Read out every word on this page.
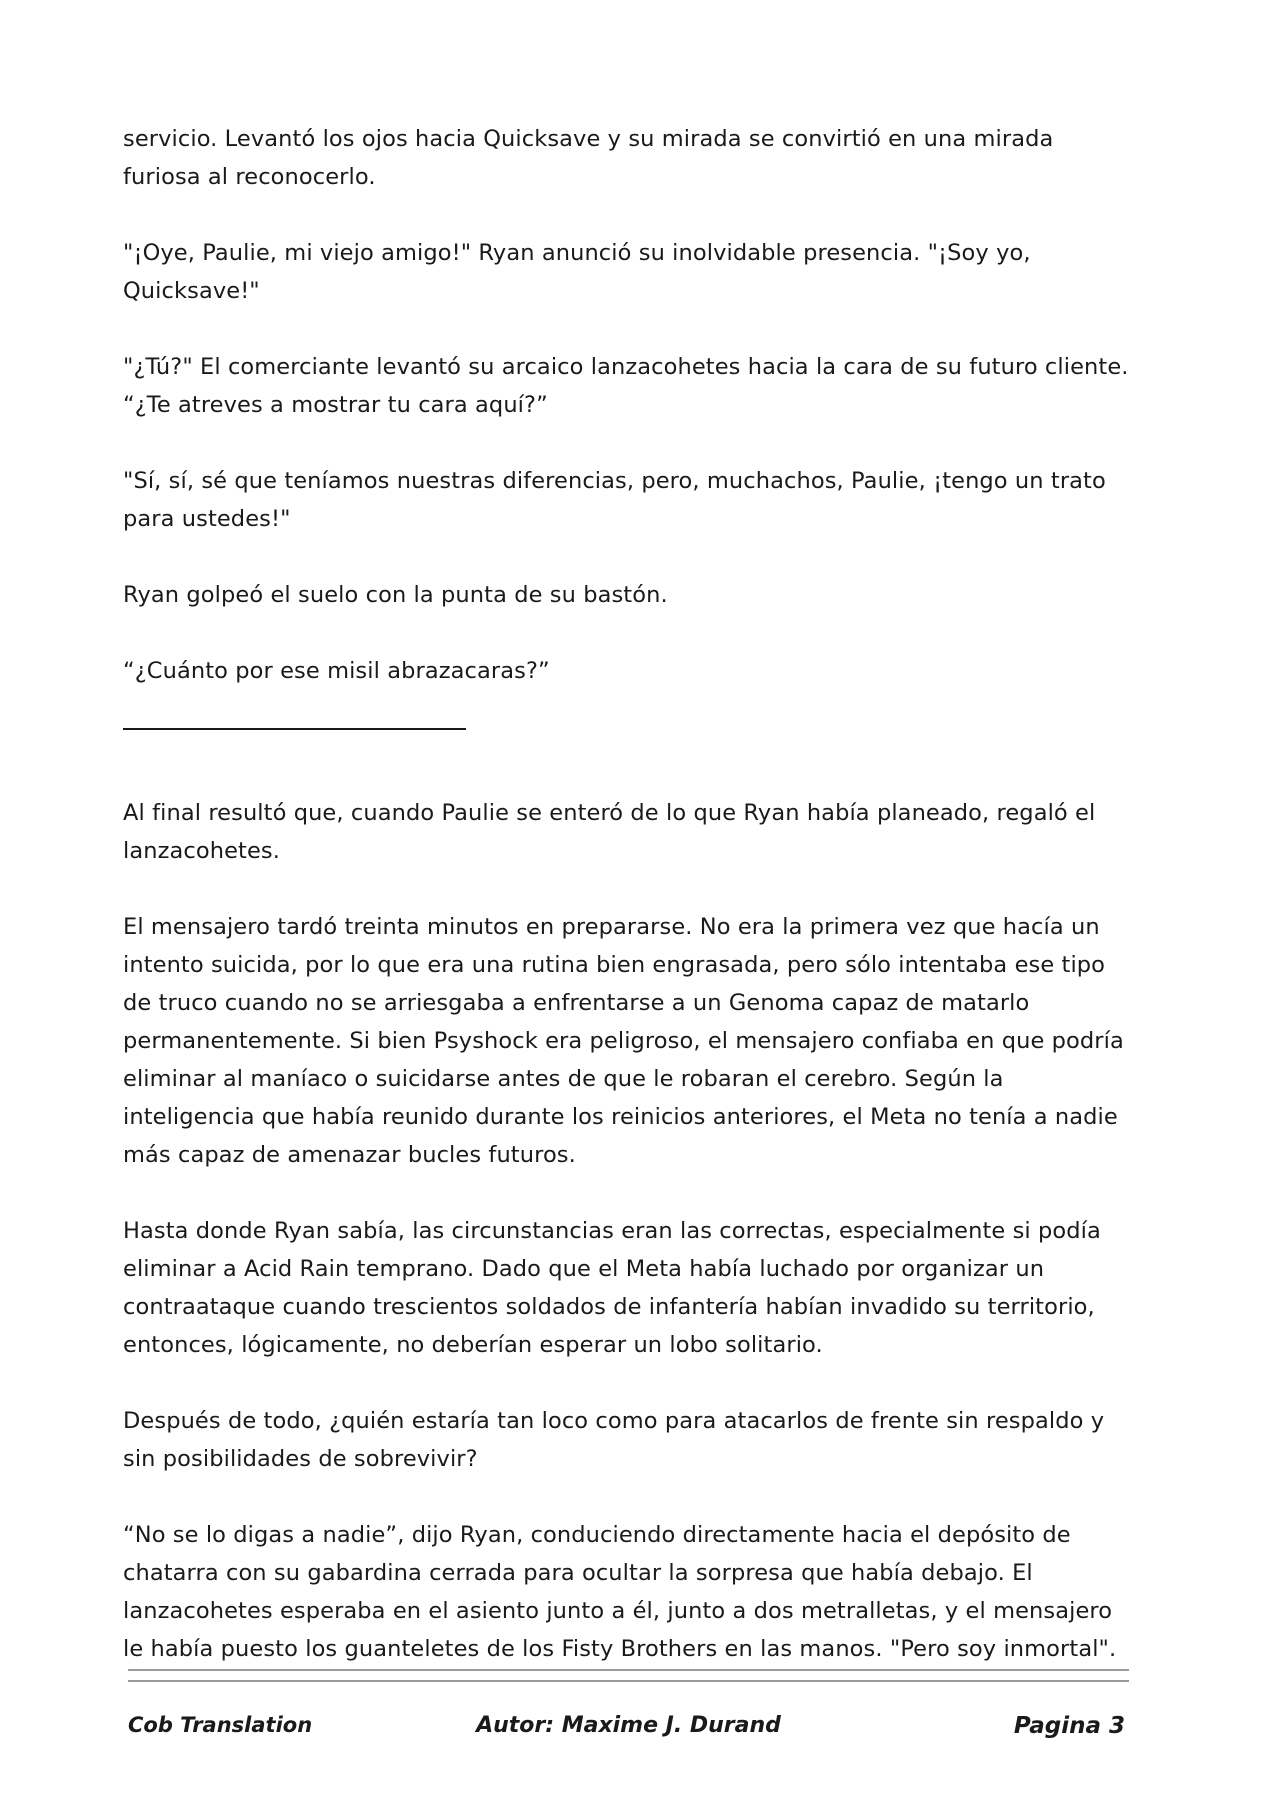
servicio. Levantó los ojos hacia Quicksave y su mirada se convirtió en una mirada furiosa al reconocerlo.

"¡Oye, Paulie, mi viejo amigo!" Ryan anunció su inolvidable presencia. "¡Soy yo, Quicksave!"

"¿Tú?" El comerciante levantó su arcaico lanzacohetes hacia la cara de su futuro cliente. “¿Te atreves a mostrar tu cara aquí?”

"Sí, sí, sé que teníamos nuestras diferencias, pero, muchachos, Paulie, ¡tengo un trato para ustedes!"

Ryan golpeó el suelo con la punta de su bastón.

“¿Cuánto por ese misil abrazacaras?”

Al final resultó que, cuando Paulie se enteró de lo que Ryan había planeado, regaló el lanzacohetes.

El mensajero tardó treinta minutos en prepararse. No era la primera vez que hacía un intento suicida, por lo que era una rutina bien engrasada, pero sólo intentaba ese tipo de truco cuando no se arriesgaba a enfrentarse a un Genoma capaz de matarlo permanentemente. Si bien Psyshock era peligroso, el mensajero confiaba en que podría eliminar al maníaco o suicidarse antes de que le robaran el cerebro. Según la inteligencia que había reunido durante los reinicios anteriores, el Meta no tenía a nadie más capaz de amenazar bucles futuros.

Hasta donde Ryan sabía, las circunstancias eran las correctas, especialmente si podía eliminar a Acid Rain temprano. Dado que el Meta había luchado por organizar un contraataque cuando trescientos soldados de infantería habían invadido su territorio, entonces, lógicamente, no deberían esperar un lobo solitario.

Después de todo, ¿quién estaría tan loco como para atacarlos de frente sin respaldo y sin posibilidades de sobrevivir?

“No se lo digas a nadie”, dijo Ryan, conduciendo directamente hacia el depósito de chatarra con su gabardina cerrada para ocultar la sorpresa que había debajo. El lanzacohetes esperaba en el asiento junto a él, junto a dos metralletas, y el mensajero le había puesto los guanteletes de los Fisty Brothers en las manos. "Pero soy inmortal".

Cob Translation	Autor: Maxime J. Durand	Pagina 3
